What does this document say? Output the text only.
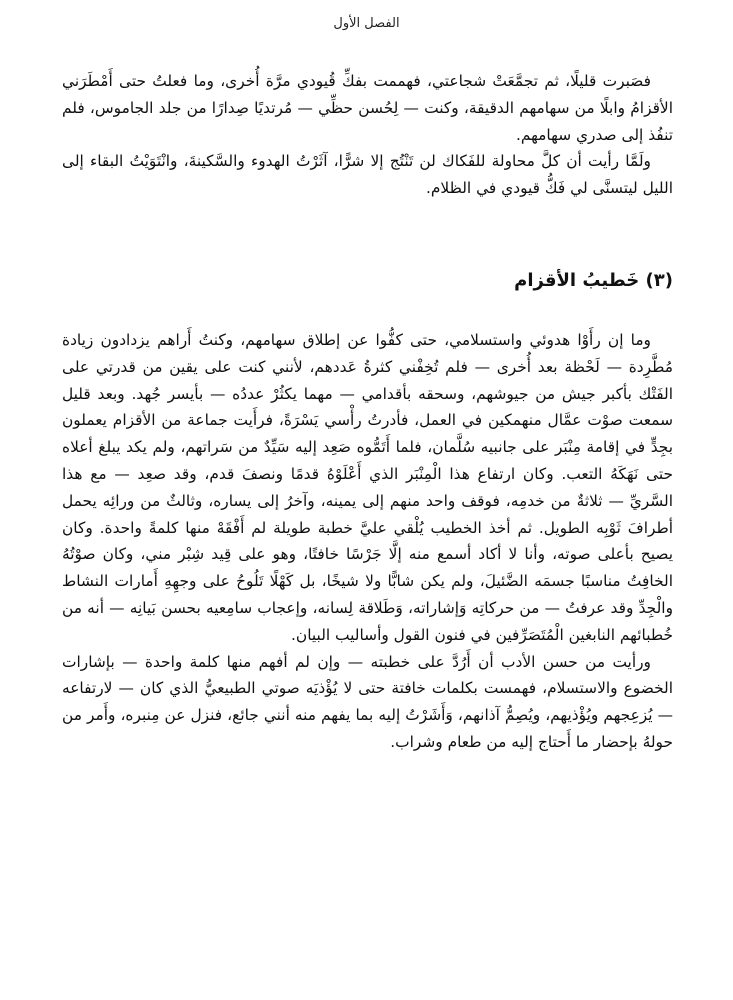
الفصل الأول

فصَبرت قليلًا، ثم تجمَّعَتْ شجاعتي، فهممت بفكِّ قُيودي مرَّة أُخرى، وما فعلتُ حتى أَمْطَرَني الأقزامُ وابلًا من سهامهم الدقيقة، وكنت — لِحُسن حظِّي — مُرتديًا صِدارًا من جلد الجاموس، فلم تنفُذ إلى صدري سهامهم.

ولَمَّا رأيت أن كلَّ محاولة للفَكاك لن تَنْتُج إلا شرًّا، آثَرْتُ الهدوء والسَّكينةَ، وانْتَوَيْتُ البقاء إلى الليل ليتسنَّى لي فَكُّ قيودي في الظلام.

(٣) خَطيبُ الأقزام

وما إن رأَوْا هدوئي واستسلامي، حتى كفُّوا عن إطلاق سهامهم، وكنتُ أَراهم يزدادون زيادة مُطَّرِدة — لَحْظة بعد أُخرى — فلم تُخِفْني كثرةُ عَددهم، لأنني كنت على يقين من قدرتي على الفَتْك بأكبر جيش من جيوشهم، وسحقه بأقدامي — مهما يكثُرْ عددُه — بأيسر جُهد. وبعد قليل سمعت صوْت عمَّال منهمكين في العمل، فأدرتُ رأْسي يَسْرَةً، فرأَيت جماعة من الأقزام يعملون بجِدٍّ في إقامة مِنْبَر على جانبيه سُلَّمان، فلما أَتَمُّوه صَعِد إليه سَيِّدٌ من سَراتهم، ولم يكد يبلغ أعلاه حتى نَهَكَهُ التعب. وكان ارتفاع هذا الْمِنْبَر الذي أَعْلَوْهُ قدمًا ونصفَ قدم، وقد صعِد — مع هذا السَّريِّ — ثلاثةٌ من خدمِه، فوقف واحد منهم إلى يمينه، وآخرُ إلى يساره، وثالثٌ من ورائِه يحمل أطرافَ ثَوْبِه الطويل. ثم أخذ الخطيب يُلْقي عليَّ خطبة طويلة لم أَفْقَهْ منها كلمةً واحدة. وكان يصيح بأعلى صوته، وأنا لا أكاد أسمع منه إلَّا جَرْسًا خافتًا، وهو على قِيد شِبْر مني، وكان صوْتُهُ الخافِتُ مناسبًا جسمَه الضَّئيلَ، ولم يكن شابًّا ولا شيخًا، بل كَهْلًا تَلُوحُ على وجهِهِ أَمارات النشاط والْجِدِّ وقد عرفتُ — من حركاتِه وَإشاراته، وَطَلاقة لِسانه، وإعجاب سامِعيه بحسن بَيانِه — أنه من خُطبائهم النابغين الْمُتَصَرِّفين في فنون القول وأساليب البيان.

ورأيت من حسن الأدب أن أَرُدَّ على خطبته — وإن لم أفهم منها كلمة واحدة — بإشارات الخضوع والاستسلام، فهمست بكلمات خافتة حتى لا يُؤْذيَه صوتي الطبيعيُّ الذي كان — لارتفاعه — يُزعِجهم ويُؤْذيهم، ويُصِمُّ آذانهم، وَأَشَرْتُ إليه بما يفهم منه أنني جائع، فنزل عن مِنبره، وأَمر من حولهُ بإحضار ما أَحتاج إليه من طعام وشراب.
